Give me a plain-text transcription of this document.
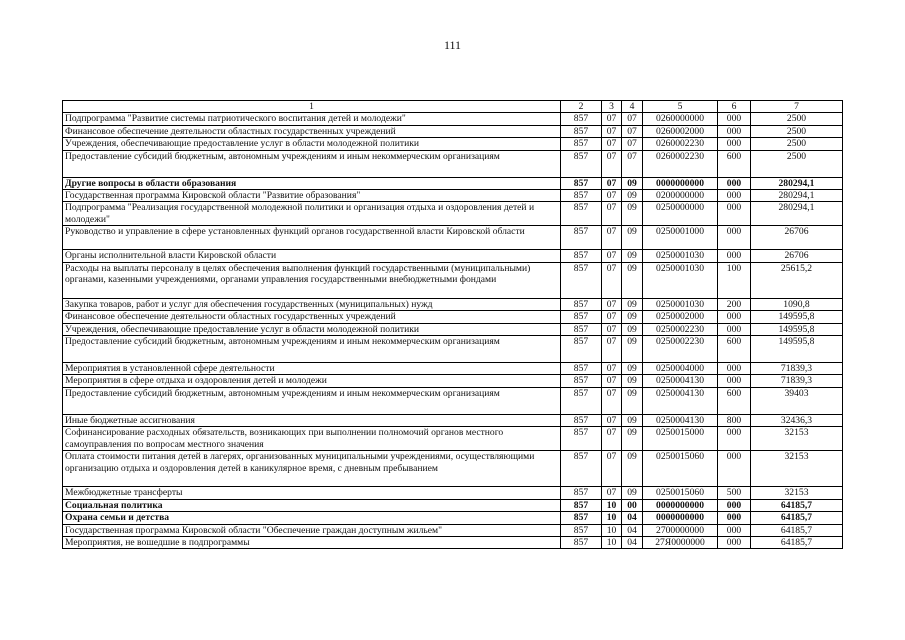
111
1	2	3	4	5	6	7
Подпрограмма "Развитие системы патриотического воспитания детей и молодежи"	857	07	07	0260000000	000	2500
Финансовое обеспечение деятельности областных государственных учреждений	857	07	07	0260002000	000	2500
Учреждения, обеспечивающие предоставление услуг в области молодежной политики	857	07	07	0260002230	000	2500
Предоставление субсидий бюджетным, автономным учреждениям и иным некоммерческим организациям	857	07	07	0260002230	600	2500
Другие вопросы в области образования	857	07	09	0000000000	000	280294,1
Государственная программа Кировской области "Развитие образования"	857	07	09	0200000000	000	280294,1
Подпрограмма "Реализация государственной молодежной политики и организация отдыха и оздоровления детей и молодежи"	857	07	09	0250000000	000	280294,1
Руководство и управление в сфере установленных функций органов государственной власти Кировской области	857	07	09	0250001000	000	26706
Органы исполнительной власти Кировской области	857	07	09	0250001030	000	26706
Расходы на выплаты персоналу в целях обеспечения выполнения функций государственными (муниципальными) органами, казенными учреждениями, органами управления государственными внебюджетными фондами	857	07	09	0250001030	100	25615,2
Закупка товаров, работ и услуг для обеспечения государственных (муниципальных) нужд	857	07	09	0250001030	200	1090,8
Финансовое обеспечение деятельности областных государственных учреждений	857	07	09	0250002000	000	149595,8
Учреждения, обеспечивающие предоставление услуг в области молодежной политики	857	07	09	0250002230	000	149595,8
Предоставление субсидий бюджетным, автономным учреждениям и иным некоммерческим организациям	857	07	09	0250002230	600	149595,8
Мероприятия в установленной сфере деятельности	857	07	09	0250004000	000	71839,3
Мероприятия в сфере отдыха и оздоровления детей и молодежи	857	07	09	0250004130	000	71839,3
Предоставление субсидий бюджетным, автономным учреждениям и иным некоммерческим организациям	857	07	09	0250004130	600	39403
Иные бюджетные ассигнования	857	07	09	0250004130	800	32436,3
Софинансирование расходных обязательств, возникающих при выполнении полномочий органов местного самоуправления по вопросам местного значения	857	07	09	0250015000	000	32153
Оплата стоимости питания детей в лагерях, организованных муниципальными учреждениями, осуществляющими организацию отдыха и оздоровления детей в каникулярное время, с дневным пребыванием	857	07	09	0250015060	000	32153
Межбюджетные трансферты	857	07	09	0250015060	500	32153
Социальная политика	857	10	00	0000000000	000	64185,7
Охрана семьи и детства	857	10	04	0000000000	000	64185,7
Государственная программа Кировской области "Обеспечение граждан доступным жильем"	857	10	04	2700000000	000	64185,7
Мероприятия, не вошедшие в подпрограммы	857	10	04	27Я0000000	000	64185,7
